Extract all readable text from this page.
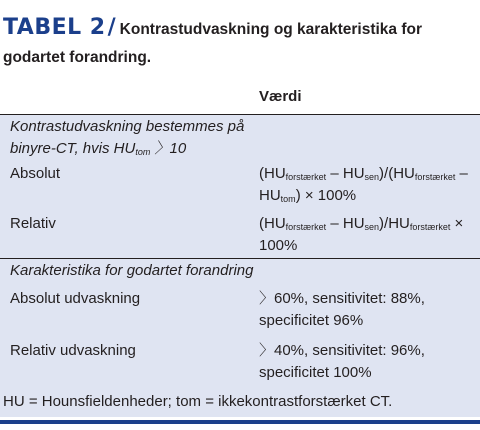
TABEL 2/ Kontrastudvaskning og karakteristika for godartet forandring.
Værdi
Kontrastudvaskning bestemmes på binyre-CT, hvis $HU_{tom}$ 〉10
Absolut	$(HU_{forstærket} - HU_{sen})/(HU_{forstærket}$ –
$HU_{tom}) \times 100\%$
Relativ	$(HU_{forstærket} - HU_{sen})/HU_{forstærket}$ ×
100%
Karakteristika for godartet forandring
Absolut udvaskning	〉60%, sensitivitet: 88%,
specificitet 96%
Relativ udvaskning	〉40%, sensitivitet: 96%,
specificitet 100%
HU = Hounsfieldenheder; tom = ikkekontrastforstærket CT.
